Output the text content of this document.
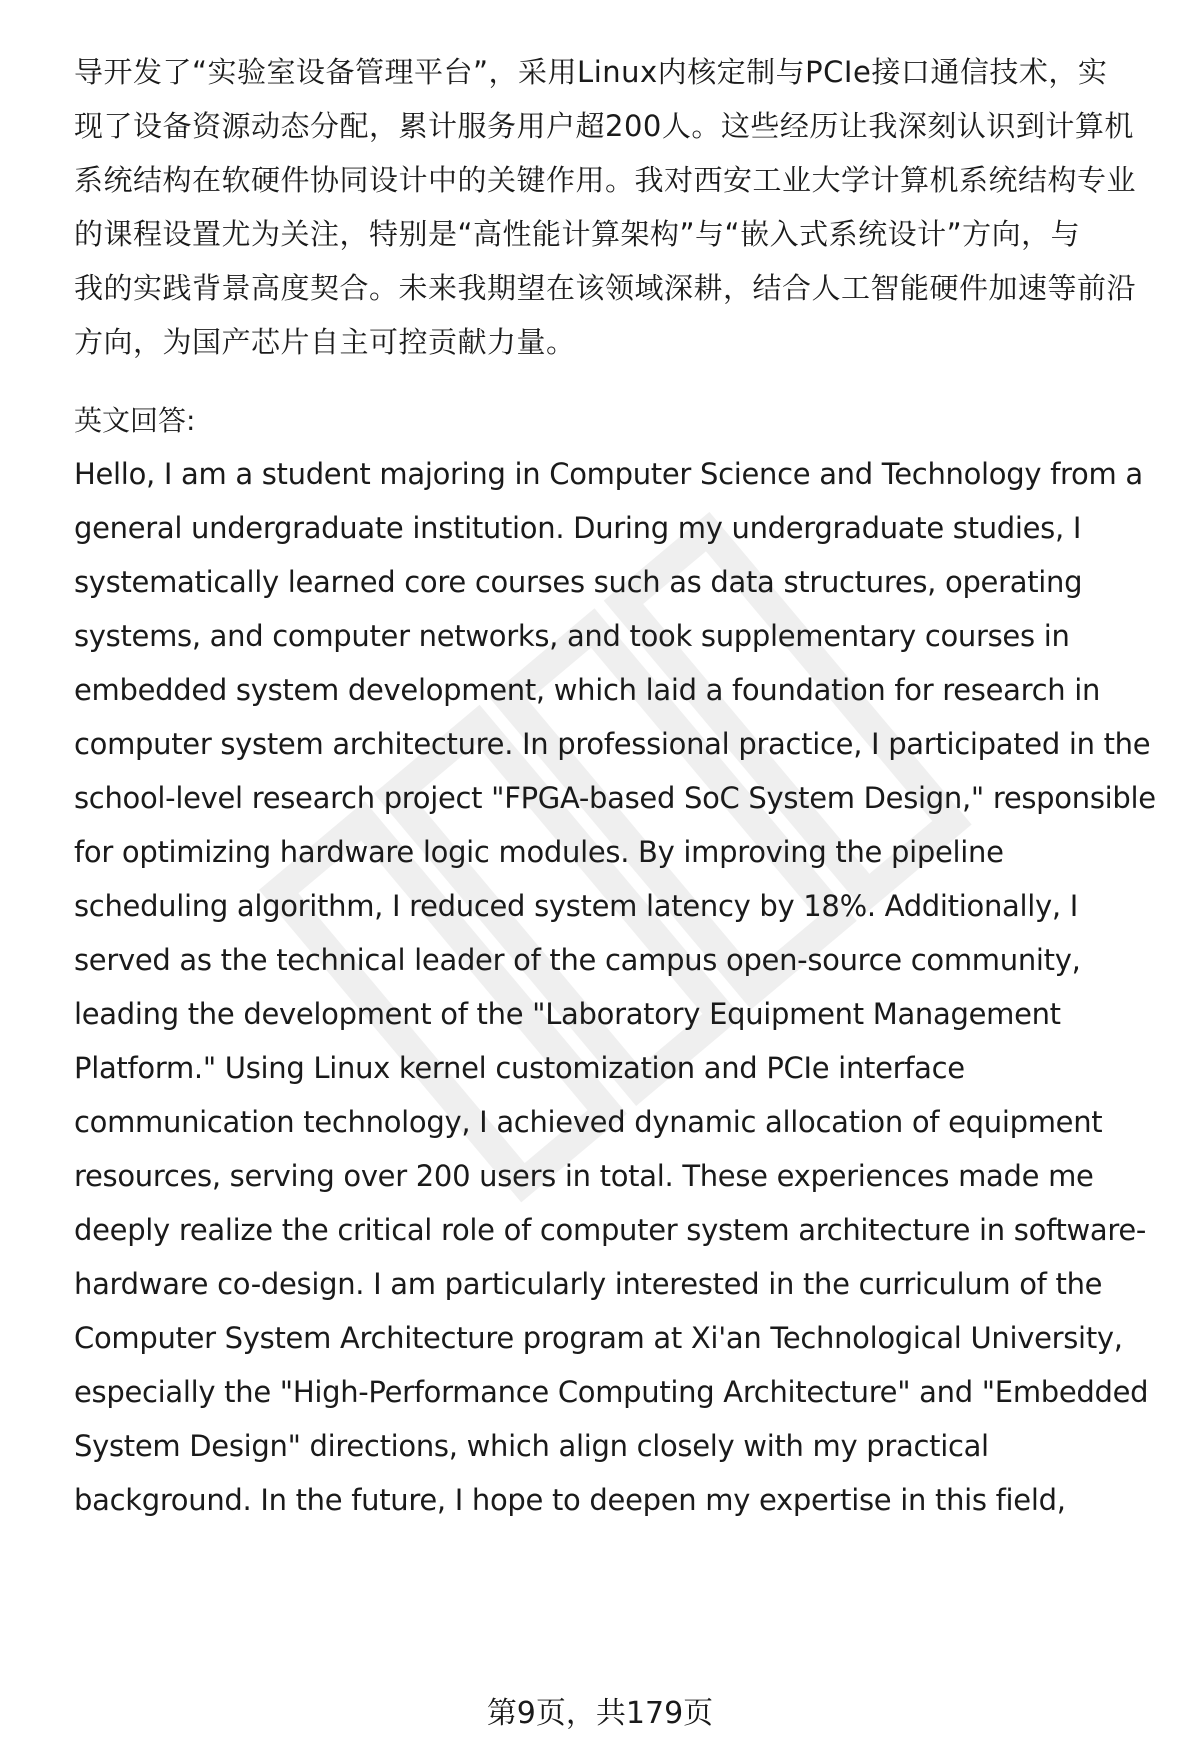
导开发了“实验室设备管理平台”，采用Linux内核定制与PCIe接口通信技术，实
现了设备资源动态分配，累计服务用户超200人。这些经历让我深刻认识到计算机
系统结构在软硬件协同设计中的关键作用。我对西安工业大学计算机系统结构专业
的课程设置尤为关注，特别是“高性能计算架构”与“嵌入式系统设计”方向，与
我的实践背景高度契合。未来我期望在该领域深耕，结合人工智能硬件加速等前沿
方向，为国产芯片自主可控贡献力量。
英文回答:
Hello, I am a student majoring in Computer Science and Technology from a
general undergraduate institution. During my undergraduate studies, I
systematically learned core courses such as data structures, operating
systems, and computer networks, and took supplementary courses in
embedded system development, which laid a foundation for research in
computer system architecture. In professional practice, I participated in the
school-level research project "FPGA-based SoC System Design," responsible
for optimizing hardware logic modules. By improving the pipeline
scheduling algorithm, I reduced system latency by 18%. Additionally, I
served as the technical leader of the campus open-source community,
leading the development of the "Laboratory Equipment Management
Platform." Using Linux kernel customization and PCIe interface
communication technology, I achieved dynamic allocation of equipment
resources, serving over 200 users in total. These experiences made me
deeply realize the critical role of computer system architecture in software-
hardware co-design. I am particularly interested in the curriculum of the
Computer System Architecture program at Xi'an Technological University,
especially the "High-Performance Computing Architecture" and "Embedded
System Design" directions, which align closely with my practical
background. In the future, I hope to deepen my expertise in this field,
第9页，共179页
